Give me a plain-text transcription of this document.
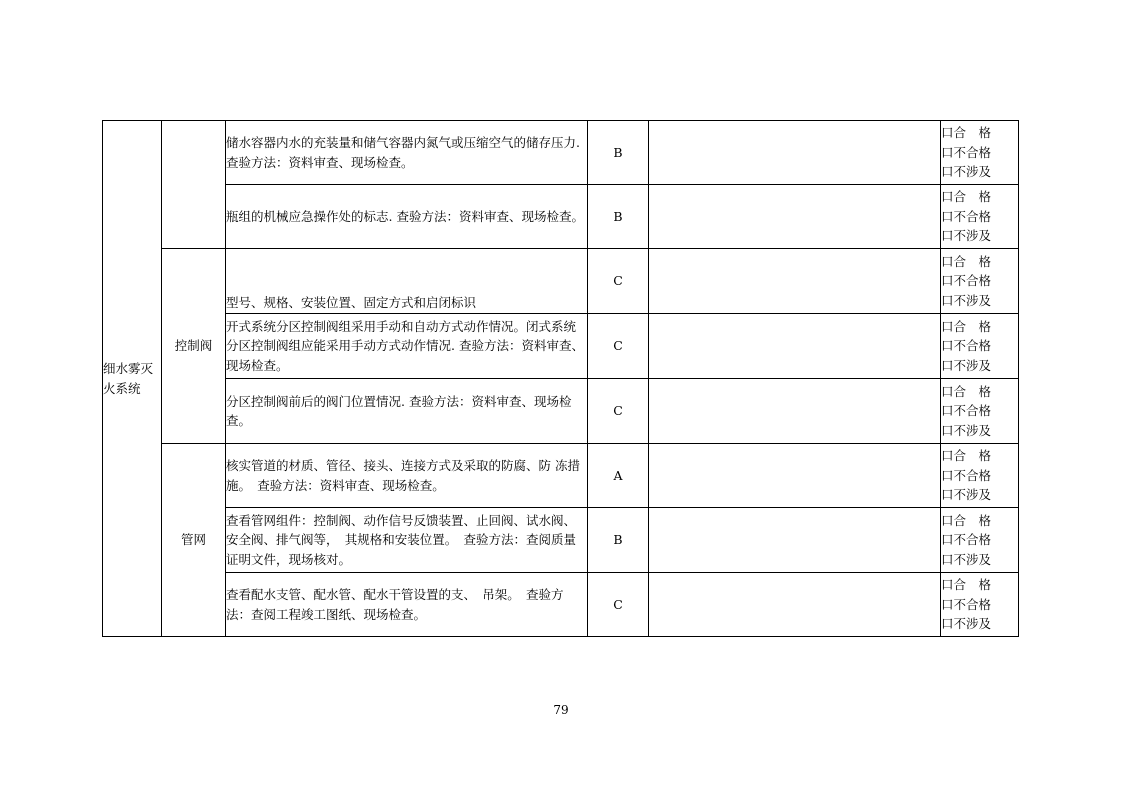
细水雾灭火系统		储水容器内水的充装量和储气容器内氮气或压缩空气的储存压力. 查验方法：资料审查、现场检查。	B		口合　格
口不合格
口不涉及

		瓶组的机械应急操作处的标志. 查验方法：资料审查、现场检查。	B		口合　格
口不合格
口不涉及

	控制阀	型号、规格、安装位置、固定方式和启闭标识	C		口合　格
口不合格
口不涉及

		开式系统分区控制阀组采用手动和自动方式动作情况。闭式系统分区控制阀组应能采用手动方式动作情况. 查验方法：资料审查、现场检查。	C		口合　格
口不合格
口不涉及

		分区控制阀前后的阀门位置情况. 查验方法：资料审查、现场检查。	C		口合　格
口不合格
口不涉及

	管网	核实管道的材质、管径、接头、连接方式及采取的防腐、防 冻措施。　查验方法：资料审查、现场检查。	A		口合　格
口不合格
口不涉及

		查看管网组件：控制阀、动作信号反馈装置、止回阀、试水阀、安全阀、排气阀等，　其规格和安装位置。　查验方法：查阅质量证明文件，现场核对。	B		口合　格
口不合格
口不涉及

		查看配水支管、配水管、配水干管设置的支、　吊架。　查验方法：查阅工程竣工图纸、现场检查。	C		口合　格
口不合格
口不涉及
79
